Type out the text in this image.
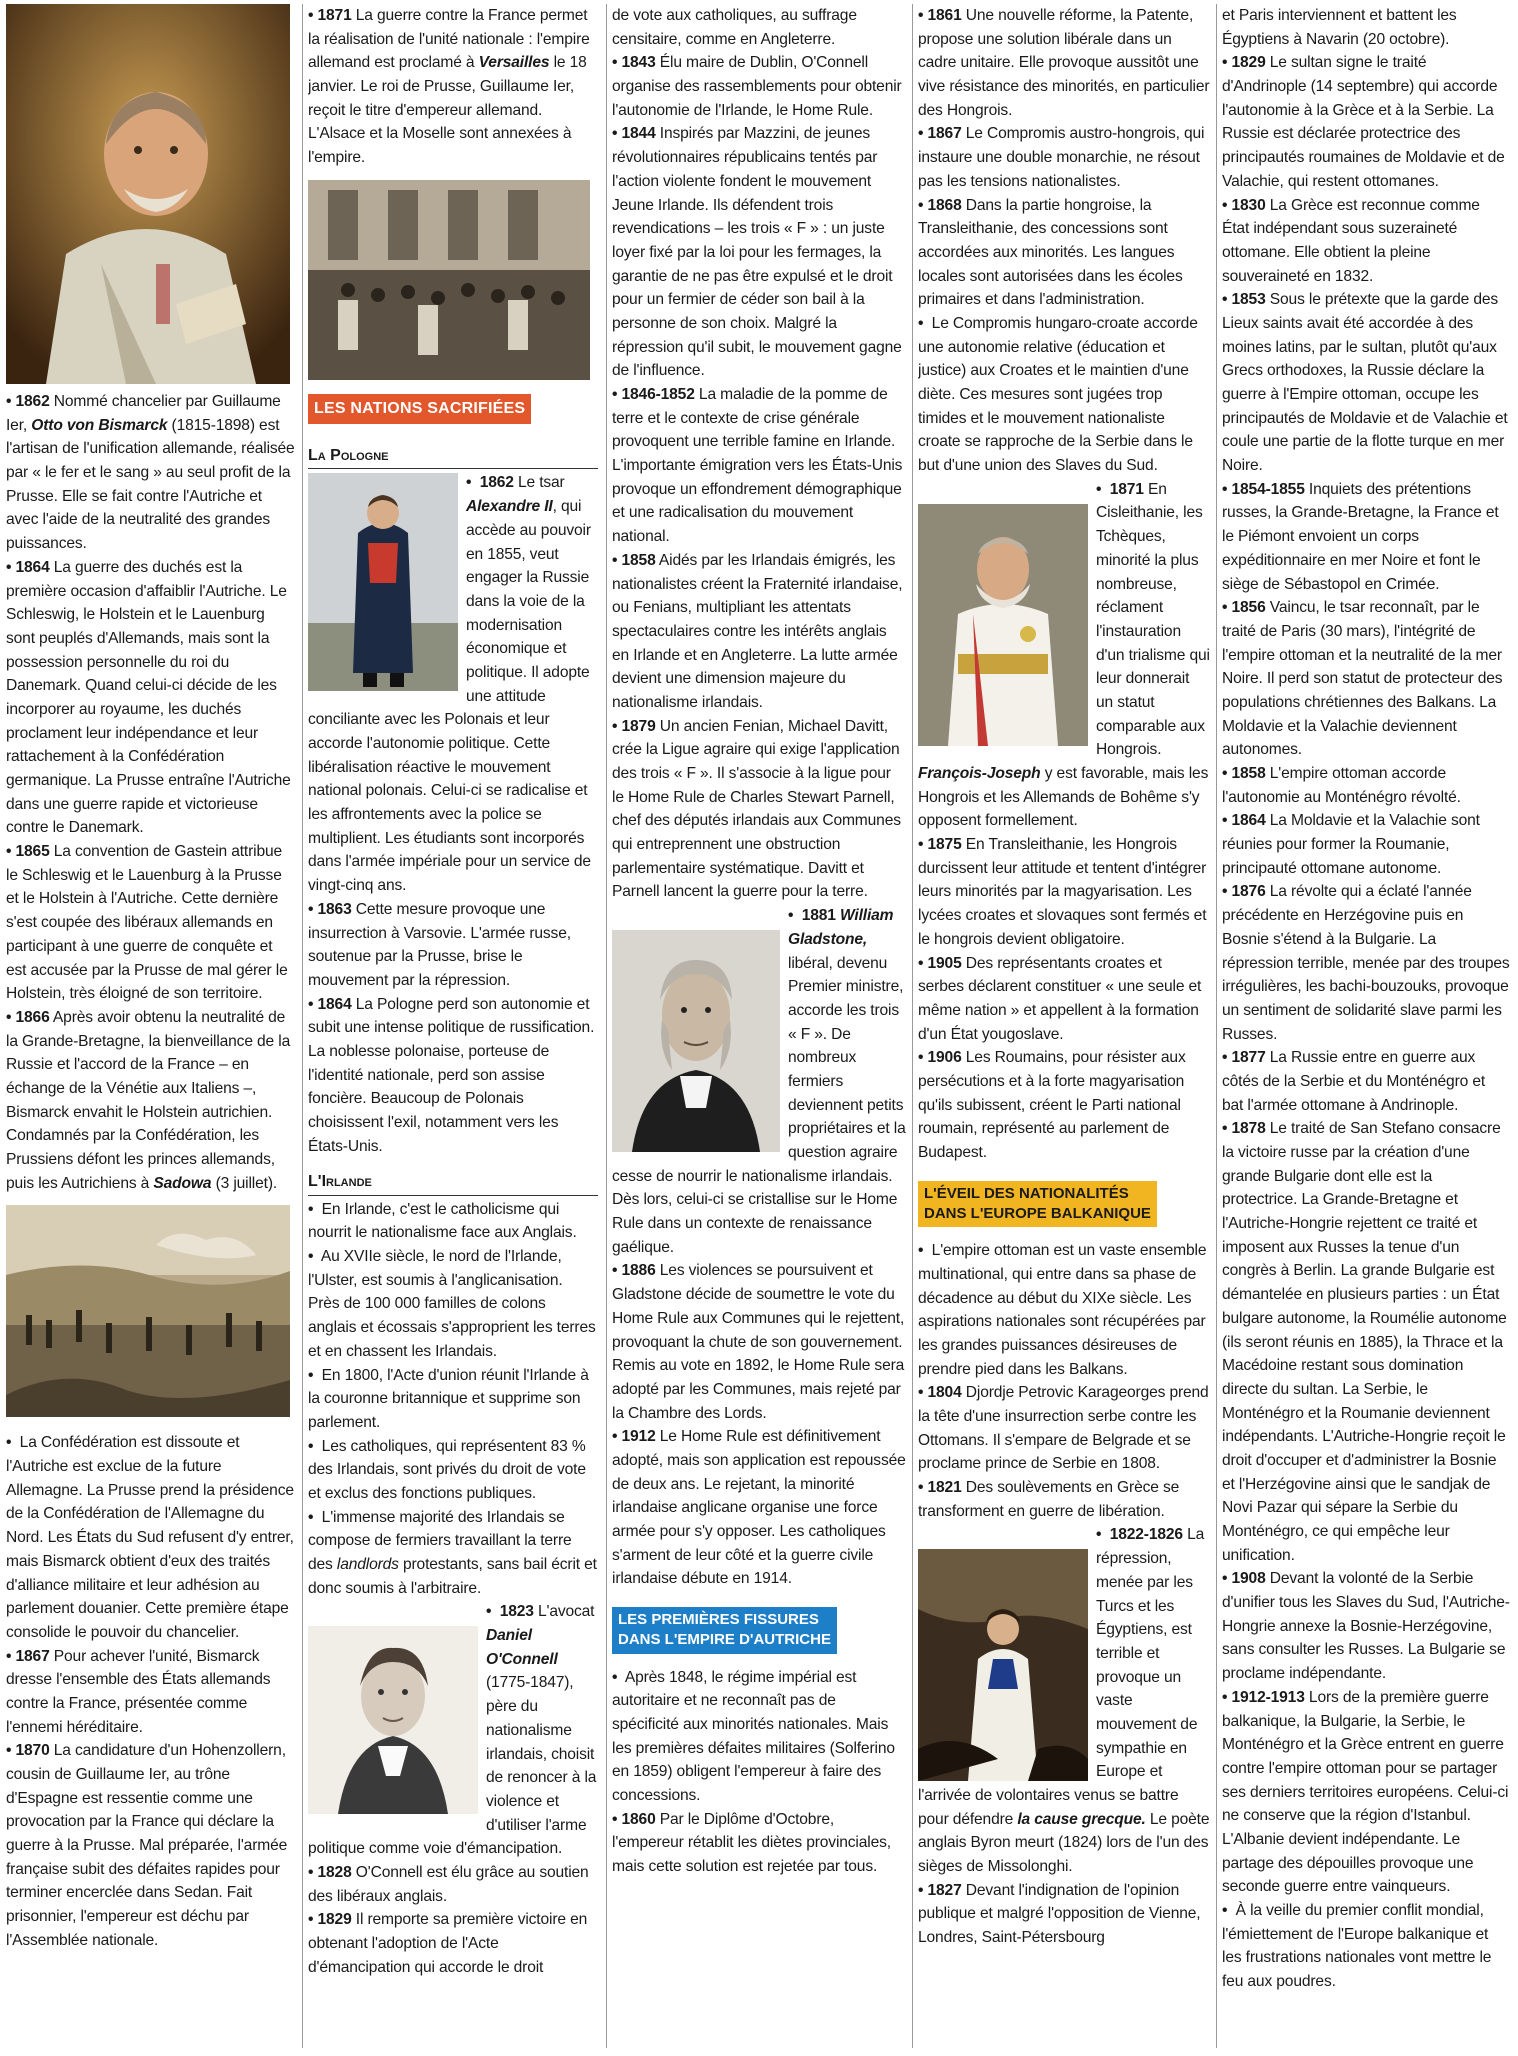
• 1862 Nommé chancelier par Guillaume Ier, Otto von Bismarck (1815-1898) est l'artisan de l'unification allemande, réalisée par « le fer et le sang » au seul profit de la Prusse. Elle se fait contre l'Autriche et avec l'aide de la neutralité des grandes puissances.

• 1864 La guerre des duchés est la première occasion d'affaiblir l'Autriche. Le Schleswig, le Holstein et le Lauenburg sont peuplés d'Allemands, mais sont la possession personnelle du roi du Danemark. Quand celui-ci décide de les incorporer au royaume, les duchés proclament leur indépendance et leur rattachement à la Confédération germanique. La Prusse entraîne l'Autriche dans une guerre rapide et victorieuse contre le Danemark.

• 1865 La convention de Gastein attribue le Schleswig et le Lauenburg à la Prusse et le Holstein à l'Autriche. Cette dernière s'est coupée des libéraux allemands en participant à une guerre de conquête et est accusée par la Prusse de mal gérer le Holstein, très éloigné de son territoire.

• 1866 Après avoir obtenu la neutralité de la Grande-Bretagne, la bienveillance de la Russie et l'accord de la France – en échange de la Vénétie aux Italiens –, Bismarck envahit le Holstein autrichien. Condamnés par la Confédération, les Prussiens défont les princes allemands, puis les Autrichiens à Sadowa (3 juillet).

•  La Confédération est dissoute et l'Autriche est exclue de la future Allemagne. La Prusse prend la présidence de la Confédération de l'Allemagne du Nord. Les États du Sud refusent d'y entrer, mais Bismarck obtient d'eux des traités d'alliance militaire et leur adhésion au parlement douanier. Cette première étape consolide le pouvoir du chancelier.

• 1867 Pour achever l'unité, Bismarck dresse l'ensemble des États allemands contre la France, présentée comme l'ennemi héréditaire.

• 1870 La candidature d'un Hohenzollern, cousin de Guillaume Ier, au trône d'Espagne est ressentie comme une provocation par la France qui déclare la guerre à la Prusse. Mal préparée, l'armée française subit des défaites rapides pour terminer encerclée dans Sedan. Fait prisonnier, l'empereur est déchu par l'Assemblée nationale.

• 1871 La guerre contre la France permet la réalisation de l'unité nationale : l'empire allemand est proclamé à Versailles le 18 janvier. Le roi de Prusse, Guillaume Ier, reçoit le titre d'empereur allemand. L'Alsace et la Moselle sont annexées à l'empire.

LES NATIONS SACRIFIÉES
La Pologne

• 1862 Le tsar Alexandre II, qui accède au pouvoir en 1855, veut engager la Russie dans la voie de la modernisation économique et politique. Il adopte une attitude conciliante avec les Polonais et leur accorde l'autonomie politique. Cette libéralisation réactive le mouvement national polonais. Celui-ci se radicalise et les affrontements avec la police se multiplient. Les étudiants sont incorporés dans l'armée impériale pour un service de vingt-cinq ans.

• 1863 Cette mesure provoque une insurrection à Varsovie. L'armée russe, soutenue par la Prusse, brise le mouvement par la répression.

• 1864 La Pologne perd son autonomie et subit une intense politique de russification. La noblesse polonaise, porteuse de l'identité nationale, perd son assise foncière. Beaucoup de Polonais choisissent l'exil, notamment vers les États-Unis.

L'Irlande

•  En Irlande, c'est le catholicisme qui nourrit le nationalisme face aux Anglais.

•  Au XVIIe siècle, le nord de l'Irlande, l'Ulster, est soumis à l'anglicanisation. Près de 100 000 familles de colons anglais et écossais s'approprient les terres et en chassent les Irlandais.

•  En 1800, l'Acte d'union réunit l'Irlande à la couronne britannique et supprime son parlement.

•  Les catholiques, qui représentent 83 % des Irlandais, sont privés du droit de vote et exclus des fonctions publiques.

•  L'immense majorité des Irlandais se compose de fermiers travaillant la terre des landlords protestants, sans bail écrit et donc soumis à l'arbitraire.

• 1823 L'avocat Daniel O'Connell (1775-1847), père du nationalisme irlandais, choisit de renoncer à la violence et d'utiliser l'arme politique comme voie d'émancipation.

• 1828 O'Connell est élu grâce au soutien des libéraux anglais.

• 1829 Il remporte sa première victoire en obtenant l'adoption de l'Acte d'émancipation qui accorde le droit

de vote aux catholiques, au suffrage censitaire, comme en Angleterre.

• 1843 Élu maire de Dublin, O'Connell organise des rassemblements pour obtenir l'autonomie de l'Irlande, le Home Rule.

• 1844 Inspirés par Mazzini, de jeunes révolutionnaires républicains tentés par l'action violente fondent le mouvement Jeune Irlande. Ils défendent trois revendications – les trois « F » : un juste loyer fixé par la loi pour les fermages, la garantie de ne pas être expulsé et le droit pour un fermier de céder son bail à la personne de son choix. Malgré la répression qu'il subit, le mouvement gagne de l'influence.

• 1846-1852 La maladie de la pomme de terre et le contexte de crise générale provoquent une terrible famine en Irlande. L'importante émigration vers les États-Unis provoque un effondrement démographique et une radicalisation du mouvement national.

• 1858 Aidés par les Irlandais émigrés, les nationalistes créent la Fraternité irlandaise, ou Fenians, multipliant les attentats spectaculaires contre les intérêts anglais en Irlande et en Angleterre. La lutte armée devient une dimension majeure du nationalisme irlandais.

• 1879 Un ancien Fenian, Michael Davitt, crée la Ligue agraire qui exige l'application des trois « F ». Il s'associe à la ligue pour le Home Rule de Charles Stewart Parnell, chef des députés irlandais aux Communes qui entreprennent une obstruction parlementaire systématique. Davitt et Parnell lancent la guerre pour la terre.

• 1881 William Gladstone, libéral, devenu Premier ministre, accorde les trois « F ». De nombreux fermiers deviennent petits propriétaires et la question agraire cesse de nourrir le nationalisme irlandais. Dès lors, celui-ci se cristallise sur le Home Rule dans un contexte de renaissance gaélique.

• 1886 Les violences se poursuivent et Gladstone décide de soumettre le vote du Home Rule aux Communes qui le rejettent, provoquant la chute de son gouvernement. Remis au vote en 1892, le Home Rule sera adopté par les Communes, mais rejeté par la Chambre des Lords.

• 1912 Le Home Rule est définitivement adopté, mais son application est repoussée de deux ans. Le rejetant, la minorité irlandaise anglicane organise une force armée pour s'y opposer. Les catholiques s'arment de leur côté et la guerre civile irlandaise débute en 1914.

LES PREMIÈRES FISSURES
DANS L'EMPIRE D'AUTRICHE

•  Après 1848, le régime impérial est autoritaire et ne reconnaît pas de spécificité aux minorités nationales. Mais les premières défaites militaires (Solferino en 1859) obligent l'empereur à faire des concessions.

• 1860 Par le Diplôme d'Octobre, l'empereur rétablit les diètes provinciales, mais cette solution est rejetée par tous.

• 1861 Une nouvelle réforme, la Patente, propose une solution libérale dans un cadre unitaire. Elle provoque aussitôt une vive résistance des minorités, en particulier des Hongrois.

• 1867 Le Compromis austro-hongrois, qui instaure une double monarchie, ne résout pas les tensions nationalistes.

• 1868 Dans la partie hongroise, la Transleithanie, des concessions sont accordées aux minorités. Les langues locales sont autorisées dans les écoles primaires et dans l'administration.

•  Le Compromis hungaro-croate accorde une autonomie relative (éducation et justice) aux Croates et le maintien d'une diète. Ces mesures sont jugées trop timides et le mouvement nationaliste croate se rapproche de la Serbie dans le but d'une union des Slaves du Sud.

• 1871 En Cisleithanie, les Tchèques, minorité la plus nombreuse, réclament l'instauration d'un trialisme qui leur donnerait un statut comparable aux Hongrois. François-Joseph y est favorable, mais les Hongrois et les Allemands de Bohême s'y opposent formellement.

• 1875 En Transleithanie, les Hongrois durcissent leur attitude et tentent d'intégrer leurs minorités par la magyarisation. Les lycées croates et slovaques sont fermés et le hongrois devient obligatoire.

• 1905 Des représentants croates et serbes déclarent constituer « une seule et même nation » et appellent à la formation d'un État yougoslave.

• 1906 Les Roumains, pour résister aux persécutions et à la forte magyarisation qu'ils subissent, créent le Parti national roumain, représenté au parlement de Budapest.

L'ÉVEIL DES NATIONALITÉS
DANS L'EUROPE BALKANIQUE

•  L'empire ottoman est un vaste ensemble multinational, qui entre dans sa phase de décadence au début du XIXe siècle. Les aspirations nationales sont récupérées par les grandes puissances désireuses de prendre pied dans les Balkans.

• 1804 Djordje Petrovic Karageorges prend la tête d'une insurrection serbe contre les Ottomans. Il s'empare de Belgrade et se proclame prince de Serbie en 1808.

• 1821 Des soulèvements en Grèce se transforment en guerre de libération.

• 1822-1826 La répression, menée par les Turcs et les Égyptiens, est terrible et provoque un vaste mouvement de sympathie en Europe et l'arrivée de volontaires venus se battre pour défendre la cause grecque. Le poète anglais Byron meurt (1824) lors de l'un des sièges de Missolonghi.

• 1827 Devant l'indignation de l'opinion publique et malgré l'opposition de Vienne, Londres, Saint-Pétersbourg

et Paris interviennent et battent les Égyptiens à Navarin (20 octobre).

• 1829 Le sultan signe le traité d'Andrinople (14 septembre) qui accorde l'autonomie à la Grèce et à la Serbie. La Russie est déclarée protectrice des principautés roumaines de Moldavie et de Valachie, qui restent ottomanes.

• 1830 La Grèce est reconnue comme État indépendant sous suzeraineté ottomane. Elle obtient la pleine souveraineté en 1832.

• 1853 Sous le prétexte que la garde des Lieux saints avait été accordée à des moines latins, par le sultan, plutôt qu'aux Grecs orthodoxes, la Russie déclare la guerre à l'Empire ottoman, occupe les principautés de Moldavie et de Valachie et coule une partie de la flotte turque en mer Noire.

• 1854-1855 Inquiets des prétentions russes, la Grande-Bretagne, la France et le Piémont envoient un corps expéditionnaire en mer Noire et font le siège de Sébastopol en Crimée.

• 1856 Vaincu, le tsar reconnaît, par le traité de Paris (30 mars), l'intégrité de l'empire ottoman et la neutralité de la mer Noire. Il perd son statut de protecteur des populations chrétiennes des Balkans. La Moldavie et la Valachie deviennent autonomes.

• 1858 L'empire ottoman accorde l'autonomie au Monténégro révolté.

• 1864 La Moldavie et la Valachie sont réunies pour former la Roumanie, principauté ottomane autonome.

• 1876 La révolte qui a éclaté l'année précédente en Herzégovine puis en Bosnie s'étend à la Bulgarie. La répression terrible, menée par des troupes irrégulières, les bachi-bouzouks, provoque un sentiment de solidarité slave parmi les Russes.

• 1877 La Russie entre en guerre aux côtés de la Serbie et du Monténégro et bat l'armée ottomane à Andrinople.

• 1878 Le traité de San Stefano consacre la victoire russe par la création d'une grande Bulgarie dont elle est la protectrice. La Grande-Bretagne et l'Autriche-Hongrie rejettent ce traité et imposent aux Russes la tenue d'un congrès à Berlin. La grande Bulgarie est démantelée en plusieurs parties : un État bulgare autonome, la Roumélie autonome (ils seront réunis en 1885), la Thrace et la Macédoine restant sous domination directe du sultan. La Serbie, le Monténégro et la Roumanie deviennent indépendants. L'Autriche-Hongrie reçoit le droit d'occuper et d'administrer la Bosnie et l'Herzégovine ainsi que le sandjak de Novi Pazar qui sépare la Serbie du Monténégro, ce qui empêche leur unification.

• 1908 Devant la volonté de la Serbie d'unifier tous les Slaves du Sud, l'Autriche-Hongrie annexe la Bosnie-Herzégovine, sans consulter les Russes. La Bulgarie se proclame indépendante.

• 1912-1913 Lors de la première guerre balkanique, la Bulgarie, la Serbie, le Monténégro et la Grèce entrent en guerre contre l'empire ottoman pour se partager ses derniers territoires européens. Celui-ci ne conserve que la région d'Istanbul. L'Albanie devient indépendante. Le partage des dépouilles provoque une seconde guerre entre vainqueurs.

•  À la veille du premier conflit mondial, l'émiettement de l'Europe balkanique et les frustrations nationales vont mettre le feu aux poudres.
